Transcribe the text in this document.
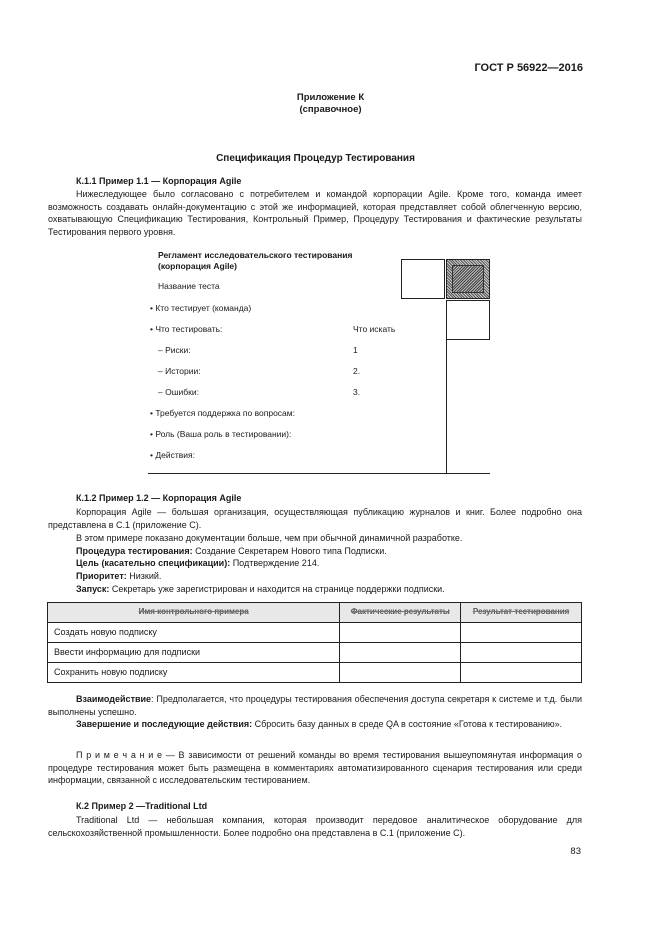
ГОСТ Р 56922—2016
Приложение К
(справочное)
Спецификация Процедур Тестирования
К.1.1 Пример 1.1 — Корпорация Agile
Нижеследующее было согласовано с потребителем и командой корпорации Agile. Кроме того, команда имеет возможность создавать онлайн-документацию с этой же информацией, которая представляет собой облегченную версию, охватывающую Спецификацию Тестирования, Контрольный Пример, Процедуру Тестирования и фактические результаты Тестирования первого уровня.
Регламент исследовательского тестирования
(корпорация Agile)
Название теста
• Кто тестирует (команда)
• Что тестировать:	Что искать
– Риски:	1
– Истории:	2.
– Ошибки:	3.
• Требуется поддержка по вопросам:
• Роль (Ваша роль в тестировании):
• Действия:
К.1.2 Пример 1.2 — Корпорация Agile
Корпорация Agile — большая организация, осуществляющая публикацию журналов и книг. Более подробно она представлена в С.1 (приложение С).
В этом примере показано документации больше, чем при обычной динамичной разработке.
Процедура тестирования: Создание Секретарем Нового типа Подписки.
Цель (касательно спецификации): Подтверждение 214.
Приоритет: Низкий.
Запуск: Секретарь уже зарегистрирован и находится на странице поддержки подписки.
Имя контрольного примера	Фактические результаты	Результат тестирования
Создать новую подписку		
Ввести информацию для подписки		
Сохранить новую подписку		
Взаимодействие: Предполагается, что процедуры тестирования обеспечения доступа секретаря к системе и т.д. были выполнены успешно.
Завершение и последующие действия: Сбросить базу данных в среде QA в состояние «Готова к тестированию».
П р и м е ч а н и е — В зависимости от решений команды во время тестирования вышеупомянутая информация о процедуре тестирования может быть размещена в комментариях автоматизированного сценария тестирования или среди информации, связанной с исследовательским тестированием.
К.2 Пример 2 —Traditional Ltd
Traditional Ltd — небольшая компания, которая производит передовое аналитическое оборудование для сельскохозяйственной промышленности. Более подробно она представлена в С.1 (приложение С).
83
